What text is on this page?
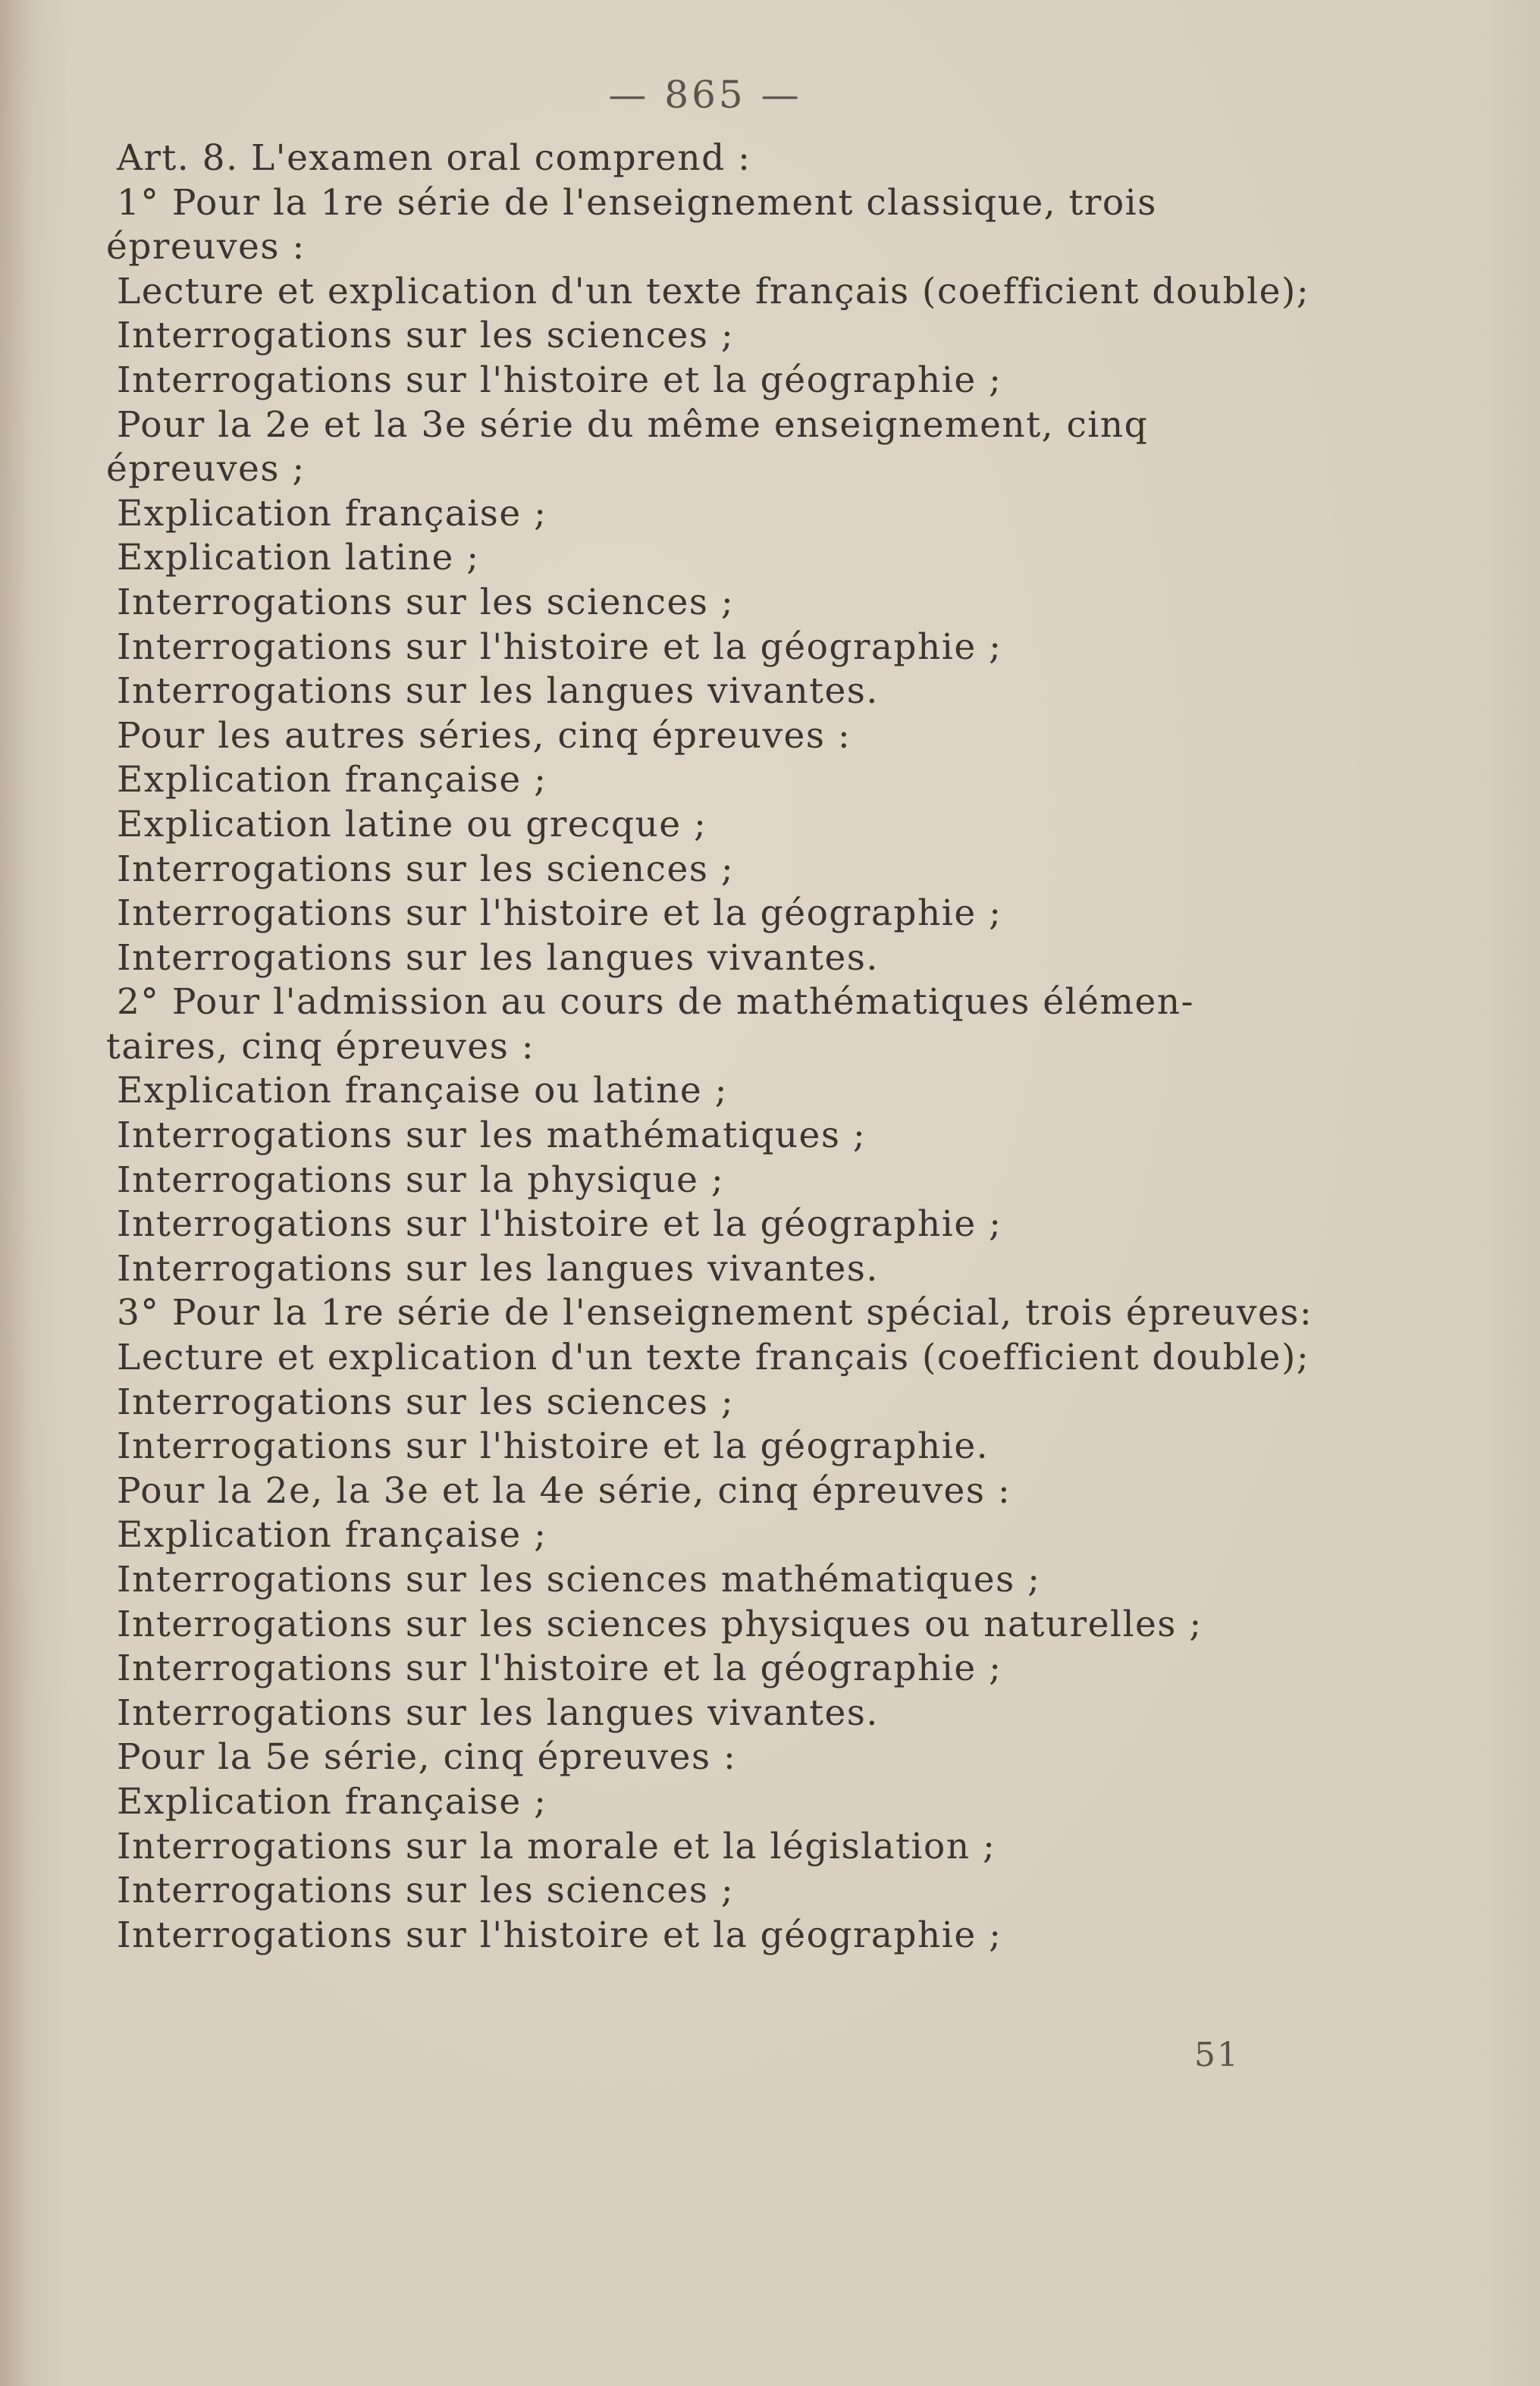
— 865 —
Art. 8. L'examen oral comprend :
1° Pour la 1re série de l'enseignement classique, trois
épreuves :
Lecture et explication d'un texte français (coefficient double);
Interrogations sur les sciences ;
Interrogations sur l'histoire et la géographie ;
Pour la 2e et la 3e série du même enseignement, cinq
épreuves ;
Explication française ;
Explication latine ;
Interrogations sur les sciences ;
Interrogations sur l'histoire et la géographie ;
Interrogations sur les langues vivantes.
Pour les autres séries, cinq épreuves :
Explication française ;
Explication latine ou grecque ;
Interrogations sur les sciences ;
Interrogations sur l'histoire et la géographie ;
Interrogations sur les langues vivantes.
2° Pour l'admission au cours de mathématiques élémen-
taires, cinq épreuves :
Explication française ou latine ;
Interrogations sur les mathématiques ;
Interrogations sur la physique ;
Interrogations sur l'histoire et la géographie ;
Interrogations sur les langues vivantes.
3° Pour la 1re série de l'enseignement spécial, trois épreuves:
Lecture et explication d'un texte français (coefficient double);
Interrogations sur les sciences ;
Interrogations sur l'histoire et la géographie.
Pour la 2e, la 3e et la 4e série, cinq épreuves :
Explication française ;
Interrogations sur les sciences mathématiques ;
Interrogations sur les sciences physiques ou naturelles ;
Interrogations sur l'histoire et la géographie ;
Interrogations sur les langues vivantes.
Pour la 5e série, cinq épreuves :
Explication française ;
Interrogations sur la morale et la législation ;
Interrogations sur les sciences ;
Interrogations sur l'histoire et la géographie ;
51
